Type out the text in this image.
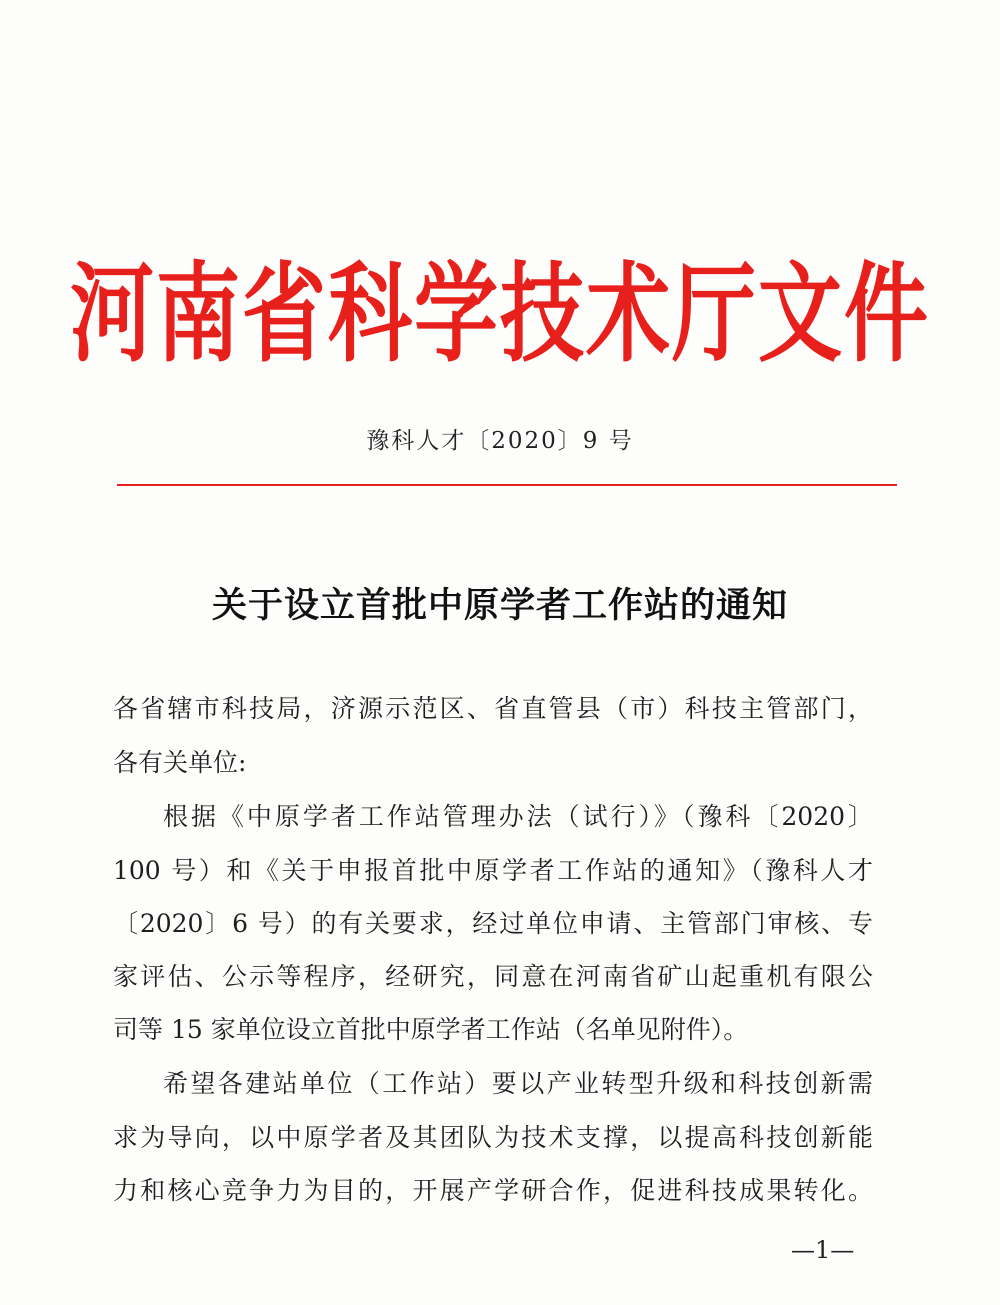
河南省科学技术厅文件
豫科人才〔2020〕9 号
关于设立首批中原学者工作站的通知
各省辖市科技局，济源示范区、省直管县（市）科技主管部门，
各有关单位:
根据《中原学者工作站管理办法（试行）》（豫科〔2020〕
100 号）和《关于申报首批中原学者工作站的通知》（豫科人才
〔2020〕6 号）的有关要求，经过单位申请、主管部门审核、专
家评估、公示等程序，经研究，同意在河南省矿山起重机有限公
司等 15 家单位设立首批中原学者工作站（名单见附件）。
希望各建站单位（工作站）要以产业转型升级和科技创新需
求为导向，以中原学者及其团队为技术支撑，以提高科技创新能
力和核心竞争力为目的，开展产学研合作，促进科技成果转化。
—1—
